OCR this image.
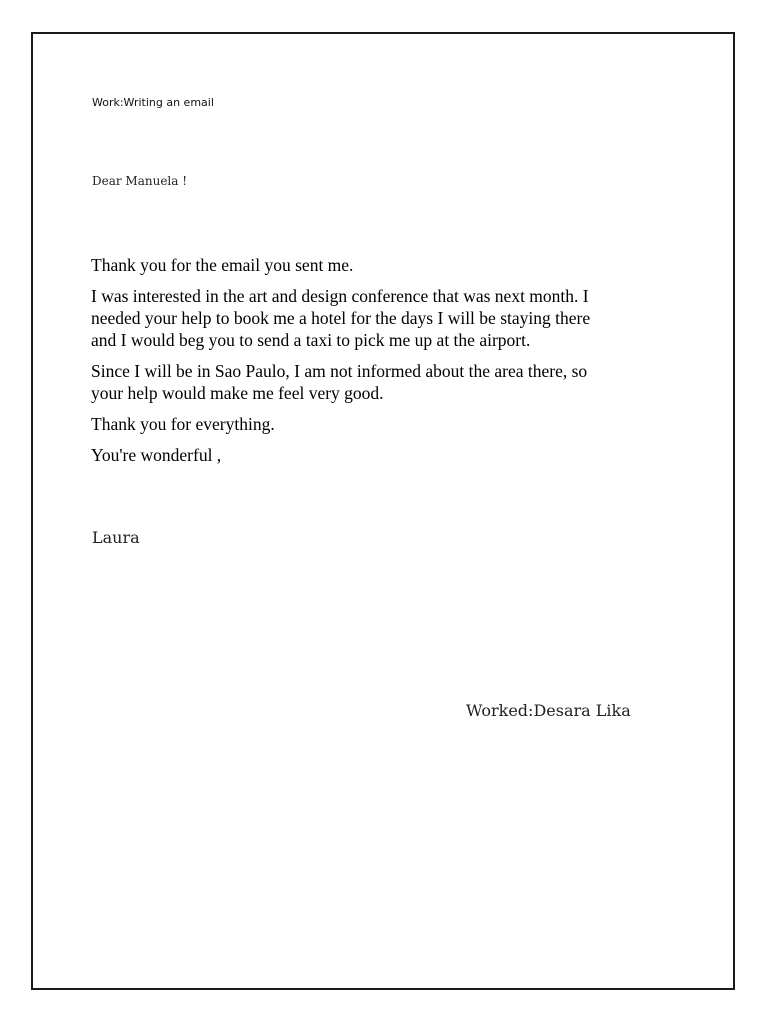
Work:Writing an email
Dear Manuela !

Thank you for the email you sent me.

I was interested in the art and design conference that was next month. I
needed your help to book me a hotel for the days I will be staying there
and I would beg you to send a taxi to pick me up at the airport.

Since I will be in Sao Paulo, I am not informed about the area there, so
your help would make me feel very good.

Thank you for everything.

You're wonderful ,

Laura
Worked:Desara Lika
